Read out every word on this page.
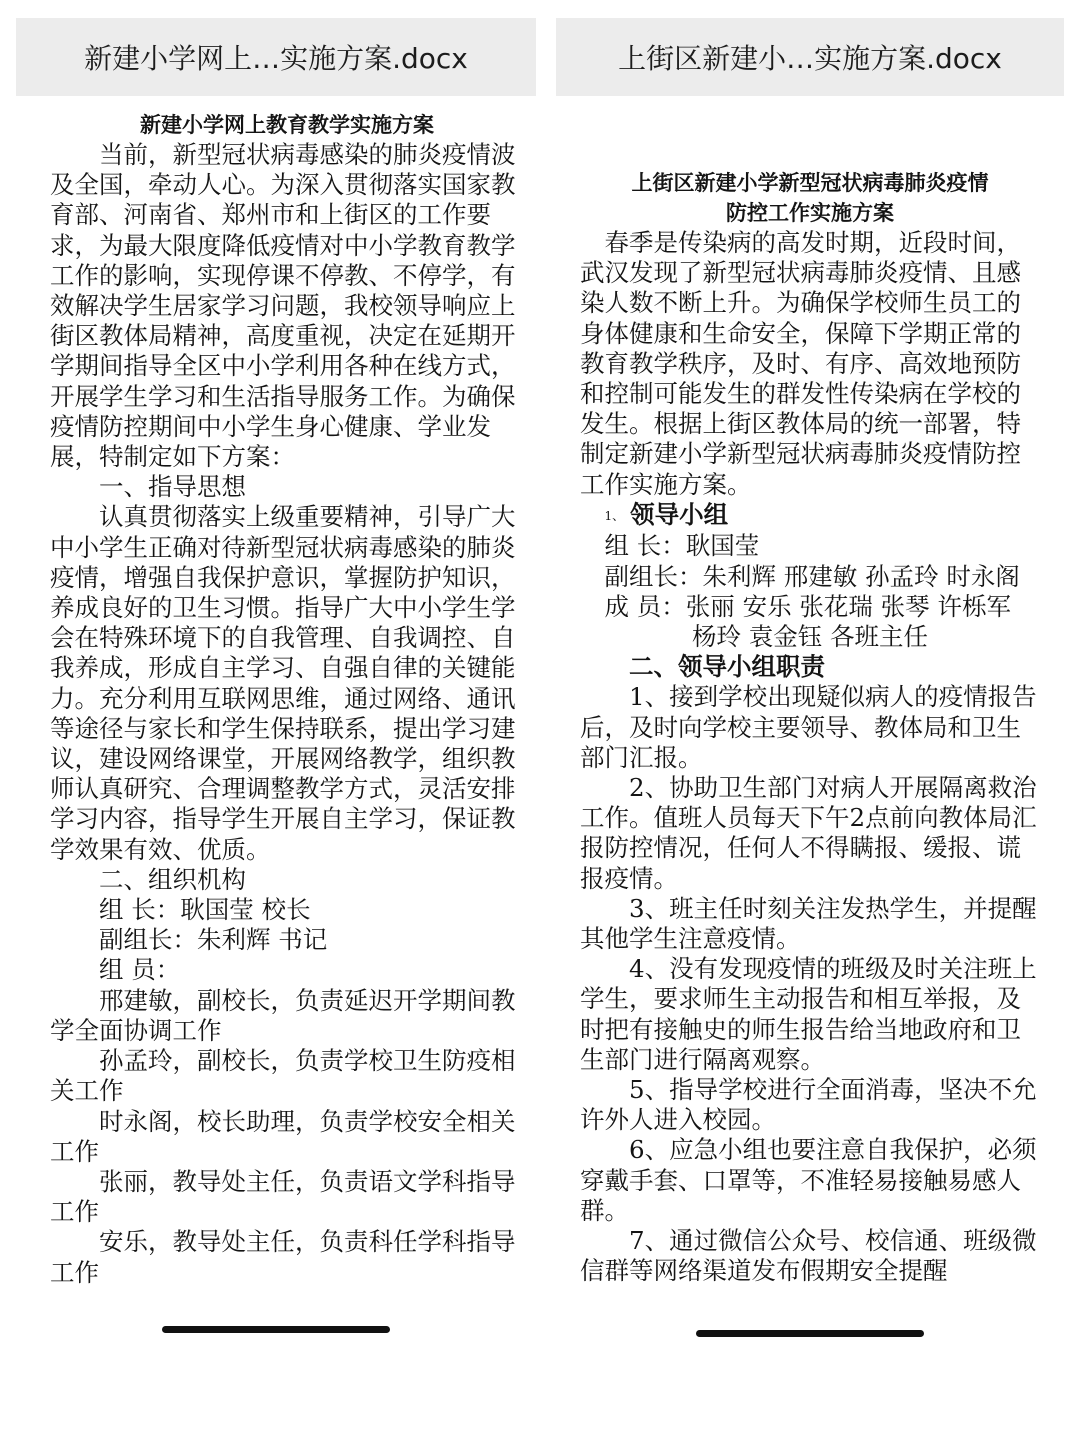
新建小学网上…实施方案.docx

新建小学网上教育教学实施方案

当前，新型冠状病毒感染的肺炎疫情波及全国，牵动人心。为深入贯彻落实国家教育部、河南省、郑州市和上街区的工作要求，为最大限度降低疫情对中小学教育教学工作的影响，实现停课不停教、不停学，有效解决学生居家学习问题，我校领导响应上街区教体局精神，高度重视，决定在延期开学期间指导全区中小学利用各种在线方式，开展学生学习和生活指导服务工作。为确保疫情防控期间中小学生身心健康、学业发展，特制定如下方案：

一、指导思想

认真贯彻落实上级重要精神，引导广大中小学生正确对待新型冠状病毒感染的肺炎疫情，增强自我保护意识，掌握防护知识，养成良好的卫生习惯。指导广大中小学生学会在特殊环境下的自我管理、自我调控、自我养成，形成自主学习、自强自律的关键能力。充分利用互联网思维，通过网络、通讯等途径与家长和学生保持联系，提出学习建议，建设网络课堂，开展网络教学，组织教师认真研究、合理调整教学方式，灵活安排学习内容，指导学生开展自主学习，保证教学效果有效、优质。

二、组织机构

组 长：耿国莹 校长

副组长：朱利辉 书记

组 员：

邢建敏，副校长，负责延迟开学期间教学全面协调工作

孙孟玲，副校长，负责学校卫生防疫相关工作

时永阁，校长助理，负责学校安全相关工作

张丽，教导处主任，负责语文学科指导工作

安乐，教导处主任，负责科任学科指导工作

上街区新建小…实施方案.docx

上街区新建小学新型冠状病毒肺炎疫情

防控工作实施方案

春季是传染病的高发时期，近段时间，武汉发现了新型冠状病毒肺炎疫情、且感染人数不断上升。为确保学校师生员工的身体健康和生命安全，保障下学期正常的教育教学秩序，及时、有序、高效地预防和控制可能发生的群发性传染病在学校的发生。根据上街区教体局的统一部署，特制定新建小学新型冠状病毒肺炎疫情防控工作实施方案。

1、 领导小组

组 长：耿国莹

副组长：朱利辉 邢建敏 孙孟玲 时永阁

成 员：张丽 安乐 张花瑞 张琴 许栎军

杨玲 袁金钰 各班主任

二、领导小组职责

1、接到学校出现疑似病人的疫情报告后，及时向学校主要领导、教体局和卫生部门汇报。

2、协助卫生部门对病人开展隔离救治工作。值班人员每天下午2点前向教体局汇报防控情况，任何人不得瞒报、缓报、谎报疫情。

3、班主任时刻关注发热学生，并提醒其他学生注意疫情。

4、没有发现疫情的班级及时关注班上学生，要求师生主动报告和相互举报，及时把有接触史的师生报告给当地政府和卫生部门进行隔离观察。

5、指导学校进行全面消毒，坚决不允许外人进入校园。

6、应急小组也要注意自我保护，必须穿戴手套、口罩等，不准轻易接触易感人群。

7、通过微信公众号、校信通、班级微信群等网络渠道发布假期安全提醒
